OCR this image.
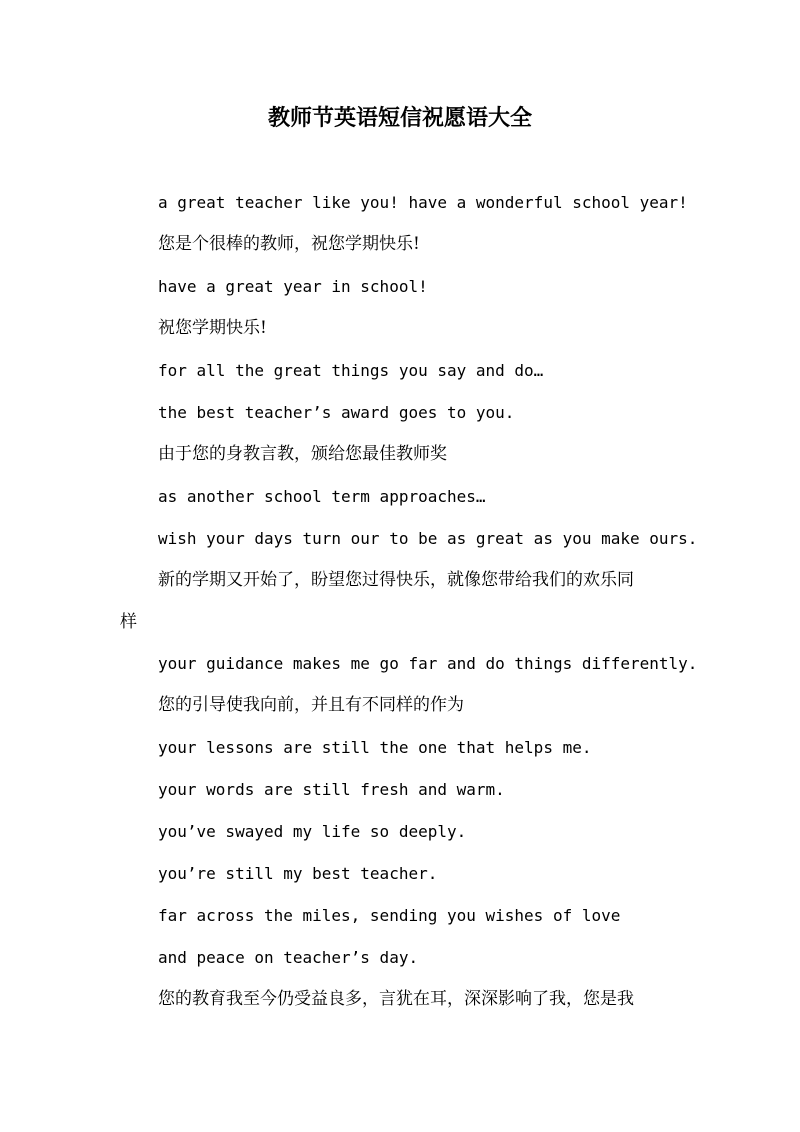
教师节英语短信祝愿语大全
a great teacher like you! have a wonderful school year!
您是个很棒的教师，祝您学期快乐!
have a great year in school!
祝您学期快乐!
for all the great things you say and do…
the best teacher’s award goes to you.
由于您的身教言教，颁给您最佳教师奖
as another school term approaches…
wish your days turn our to be as great as you make ours.
新的学期又开始了，盼望您过得快乐，就像您带给我们的欢乐同
样
your guidance makes me go far and do things differently.
您的引导使我向前，并且有不同样的作为
your lessons are still the one that helps me.
your words are still fresh and warm.
you’ve swayed my life so deeply.
you’re still my best teacher.
far across the miles, sending you wishes of love
and peace on teacher’s day.
您的教育我至今仍受益良多，言犹在耳，深深影响了我，您是我
